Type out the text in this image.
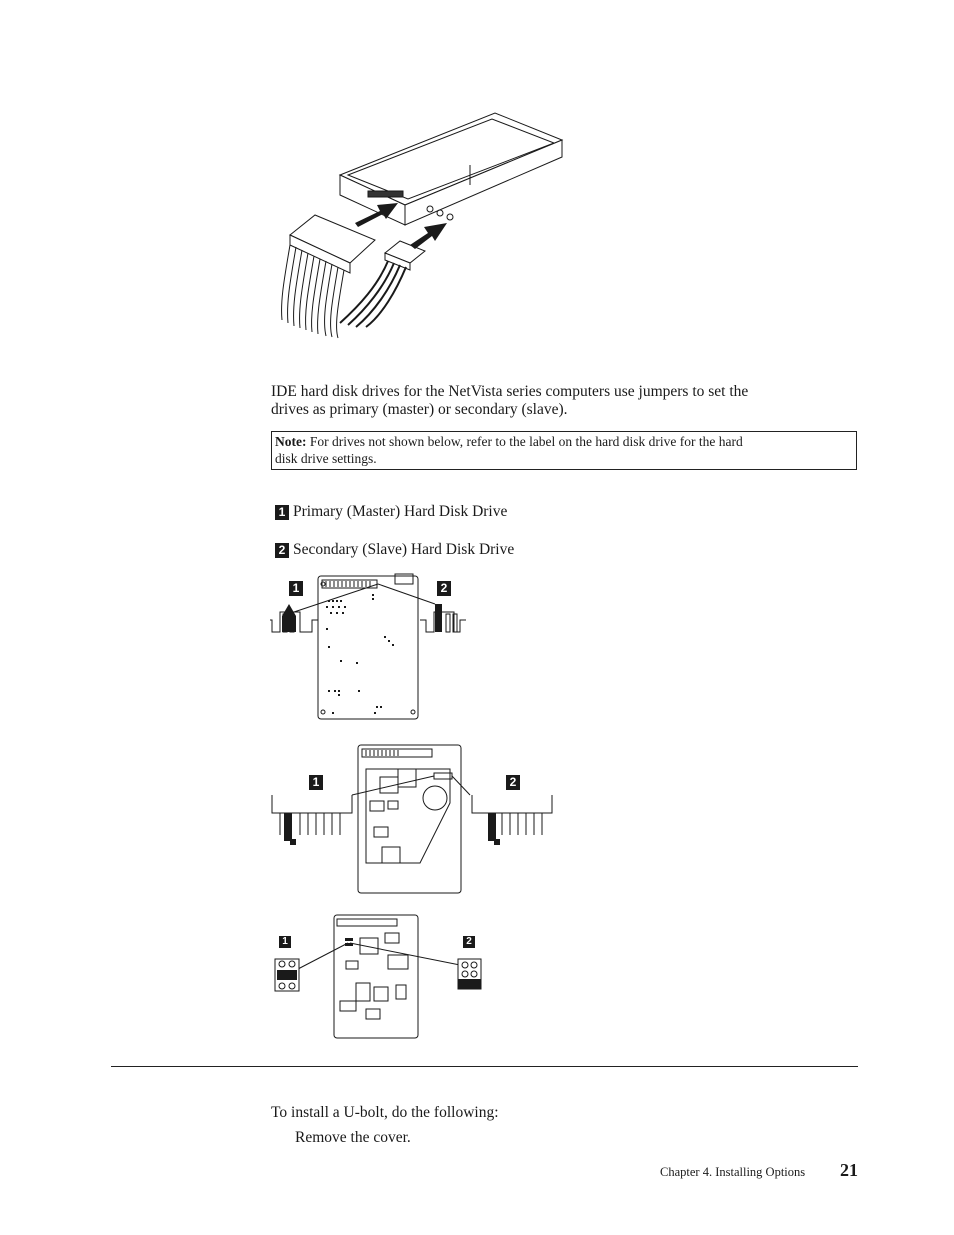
IDE hard disk drives for the NetVista series computers use jumpers to set the
drives as primary (master) or secondary (slave).

Note: For drives not shown below, refer to the label on the hard disk drive for the hard
disk drive settings.
1 Primary (Master) Hard Disk Drive
2 Secondary (Slave) Hard Disk Drive
1	2
1	2
1	2

To install a U-bolt, do the following:

Remove the cover.

Chapter 4. Installing Options 21
